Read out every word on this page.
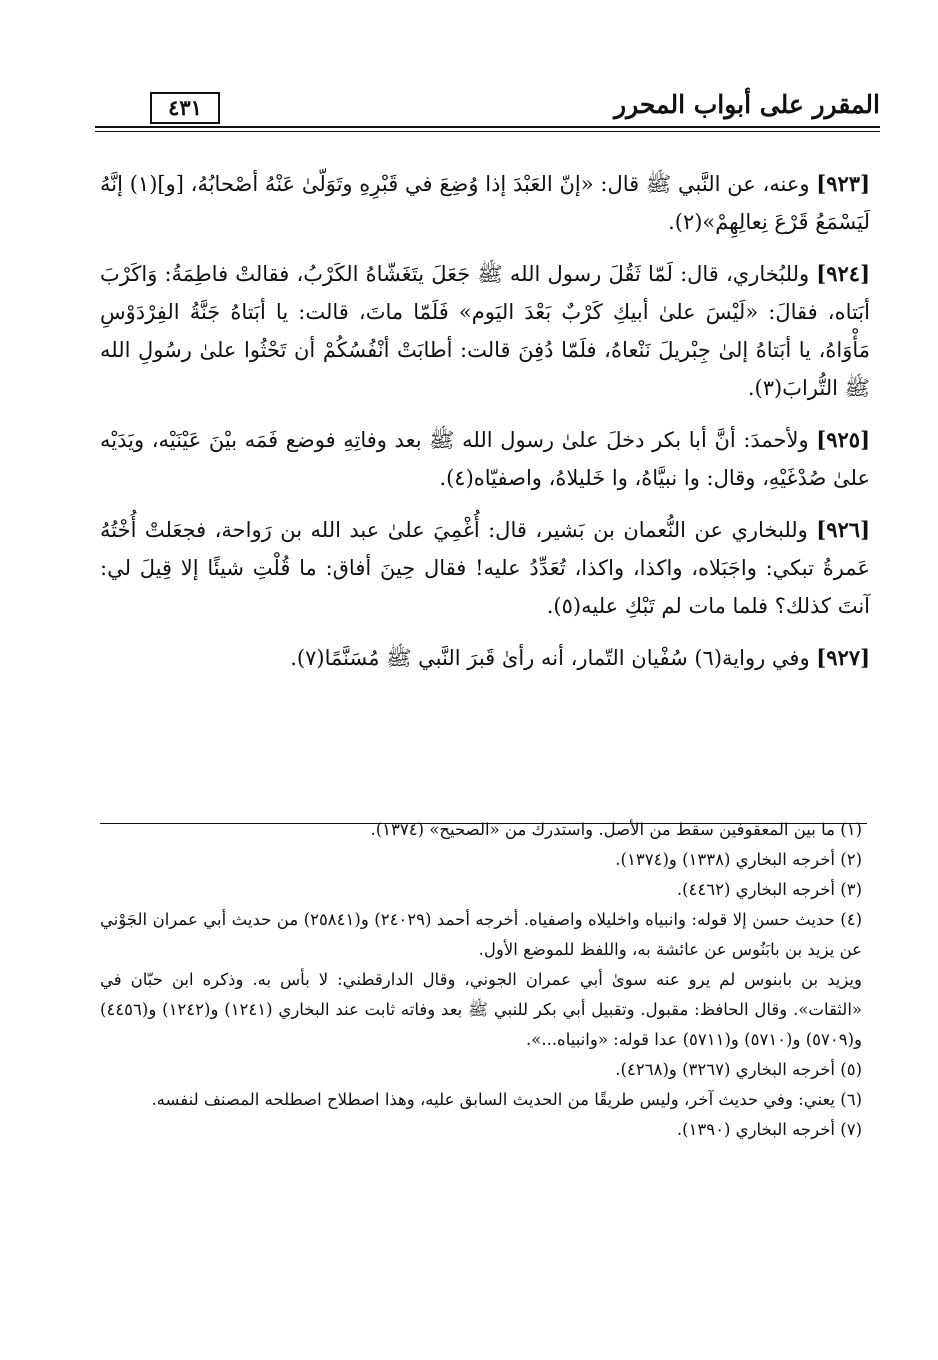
المقرر على أبواب المحرر
٤٣١

[٩٢٣] وعنه، عن النَّبي ﷺ قال: «إنّ العَبْدَ إذا وُضِعَ في قَبْرِهِ وتَوَلّىٰ عَنْهُ أصْحابُهُ، [و](١) إنَّهُ لَيَسْمَعُ قَرْعَ نِعالِهِمْ»(٢).

[٩٢٤] وللبُخاري، قال: لَمّا ثَقُلَ رسول الله ﷺ جَعَلَ يتَغَشّاهُ الكَرْبُ، فقالتْ فاطِمَةُ: وَاكَرْبَ أبَتاه، فقالَ: «لَيْسَ علىٰ أبيكِ كَرْبٌ بَعْدَ اليَوم» فَلَمّا ماتَ، قالت: يا أبَتاهُ جَنَّةُ الفِرْدَوْسِ مَأْوَاهُ، يا أبَتاهُ إلىٰ جِبْريلَ نَنْعاهُ، فلَمّا دُفِنَ قالت: أطابَتْ أنْفُسُكُمْ أن تَحْثُوا علىٰ رسُولِ الله ﷺ التُّرابَ(٣).

[٩٢٥] ولأحمدَ: أنَّ أبا بكر دخلَ علىٰ رسول الله ﷺ بعد وفاتِهِ فوضع فَمَه بيْنَ عَيْنَيْه، ويَدَيْه علىٰ صُدْغَيْهِ، وقال: وا نبيَّاهُ، وا خَليلاهُ، واصفيّاه(٤).

[٩٢٦] وللبخاري عن النُّعمان بن بَشير، قال: أُغْمِيَ علىٰ عبد الله بن رَواحة، فجعَلتْ أُخْتُهُ عَمرةُ تبكي: واجَبَلاه، واكذا، واكذا، تُعَدِّدُ عليه! فقال حِينَ أفاق: ما قُلْتِ شيئًا إلا قِيلَ لي: آنتَ كذلك؟ فلما مات لم تَبْكِ عليه(٥).

[٩٢٧] وفي رواية(٦) سُفْيان التّمار، أنه رأىٰ قَبرَ النَّبي ﷺ مُسَنَّمًا(٧).

(١) ما بين المعقوفين سقط من الأصل. واستدرك من «الصحيح» (١٣٧٤).

(٢) أخرجه البخاري (١٣٣٨) و(١٣٧٤).

(٣) أخرجه البخاري (٤٤٦٢).

(٤) حديث حسن إلا قوله: وانبياه واخليلاه واصفياه. أخرجه أحمد (٢٤٠٢٩) و(٢٥٨٤١) من حديث أبي عمران الجَوْني عن يزيد بن بابَنُوس عن عائشة به، واللفظ للموضع الأول.

ويزيد بن بابنوس لم يرو عنه سوىٰ أبي عمران الجوني، وقال الدارقطني: لا بأس به. وذكره ابن حبّان في «الثقات». وقال الحافظ: مقبول. وتقبيل أبي بكر للنبي ﷺ بعد وفاته ثابت عند البخاري (١٢٤١) و(١٢٤٢) و(٤٤٥٦) و(٥٧٠٩) و(٥٧١٠) و(٥٧١١) عدا قوله: «وانبياه...».

(٥) أخرجه البخاري (٣٢٦٧) و(٤٢٦٨).

(٦) يعني: وفي حديث آخر، وليس طريقًا من الحديث السابق عليه، وهذا اصطلاح اصطلحه المصنف لنفسه.

(٧) أخرجه البخاري (١٣٩٠).
